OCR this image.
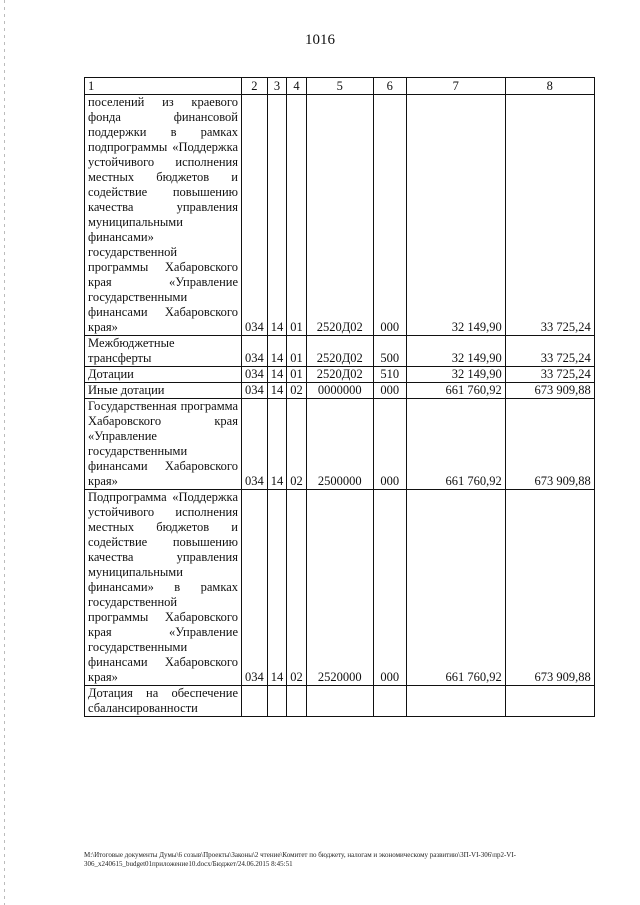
1016
1	2	3	4	5	6	7	8
поселений из краевого фонда финансовой поддержки в рамках подпрограммы «Поддержка устойчивого исполнения местных бюджетов и содействие повышению качества управления муниципальными финансами» государственной программы Хабаровского края «Управление государственными финансами Хабаровского края»	034	14	01	2520Д02	000	32 149,90	33 725,24
Межбюджетные трансферты	034	14	01	2520Д02	500	32 149,90	33 725,24
Дотации	034	14	01	2520Д02	510	32 149,90	33 725,24
Иные дотации	034	14	02	0000000	000	661 760,92	673 909,88
Государственная программа Хабаровского края «Управление государственными финансами Хабаровского края»	034	14	02	2500000	000	661 760,92	673 909,88
Подпрограмма «Поддержка устойчивого исполнения местных бюджетов и содействие повышению качества управления муниципальными финансами» в рамках государственной программы Хабаровского края «Управление государственными финансами Хабаровского края»	034	14	02	2520000	000	661 760,92	673 909,88
Дотация на обеспечение сбалансированности							
M:\Итоговые документы Думы\6 созыв\Проекты\Законы\2 чтение\Комитет по бюджету, налогам и экономическому развитию\3П-VI-306\пр2-VI-306_x240615_budget01приложение10.docx/Бюджет/24.06.2015 8:45:51
